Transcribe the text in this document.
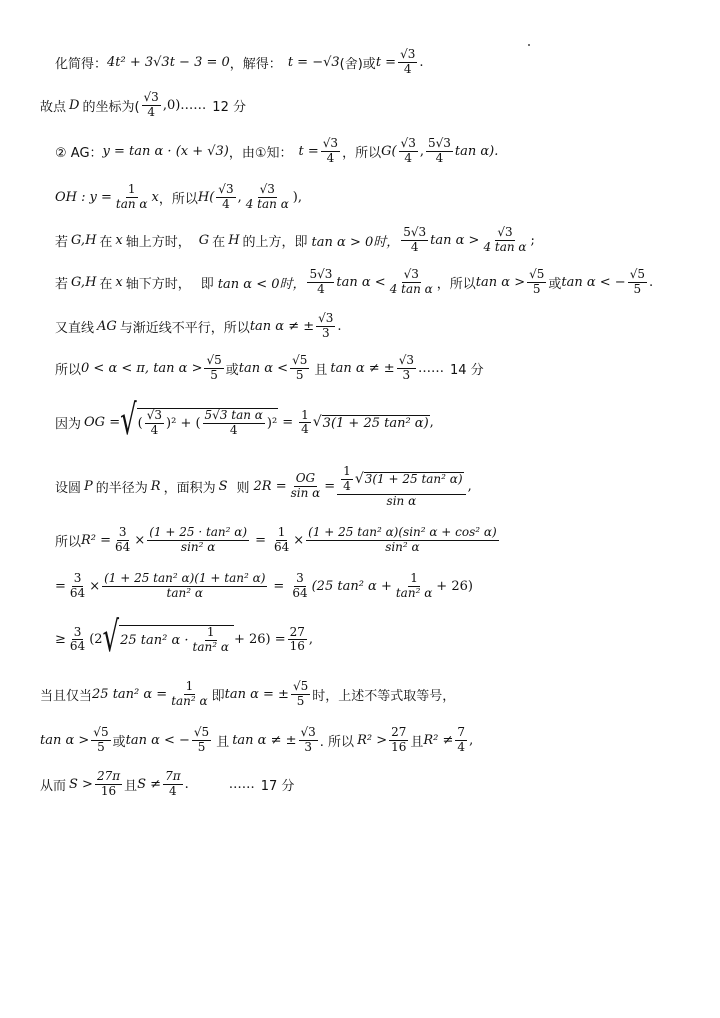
化简得： 4t² + 3√3t − 3 = 0 ，解得： t = −√3 (舍)或 $t = \frac{√3}{4}$ .
故点 D 的坐标为( $\frac{√3}{4}$ ,0)…… 12 分
② AG： y = tan α · (x + √3) ，由①知： $t = \frac{√3}{4}$ ，所以 $G( \frac{√3}{4}$ , $\frac{5√3}{4}$ tan α).
OH : $y = \frac{1}{\text{tan α}}$ x ，所以 $H( \frac{√3}{4}$ , $\frac{√3}{\text{4 tan α}}$ ),
若 G,H 在 x 轴上方时， G 在 H 的上方，即 tan α > 0时， $\frac{5√3}{4}$ $\tan \alpha > \frac{√3}{\text{4 tan α}}$ ;
若 G,H 在 x 轴下方时， 即 tan α < 0时， $\frac{5√3}{4}$ $\tan \alpha < \frac{√3}{\text{4 tan α}}$ ，所以 $\tan \alpha > \frac{√5}{5}$ 或 tan α < − $\frac{√5}{5}$ .
又直线 AG 与渐近线不平行，所以 tan α ≠ ± $\frac{√3}{3}$ .
所以 0 < α < π, $\tan \alpha > \frac{√5}{5}$ 或 $\tan \alpha < \frac{√5}{5}$ 且 tan α ≠ ± $\frac{√3}{3}$ …… 14 分
因为 OG = √ ( $\frac{√3}{4} )^2$ + ( $\frac{\text{5√3 tan α}}{4} )^2 = \frac{1}{4}$ √ 3(1 + 25 tan² α) ,
设圆 P 的半径为 R ，面积为 S 则 $2R = \frac{OG}{\text{sin α}} = \frac{\frac{1}{4} √ 3(1 + 25 \tan^2 \alpha)}{\text{sin α}}$ ,
所以 $R^2 = \frac{3}{64} \times \frac{\text{(1 + 25 · tan² α)}}{\text{sin² α}} = \frac{1}{64} \times \frac{\text{(1 + 25 tan² α)(sin² α + cos² α)}}{\text{sin² α}}$
= $\frac{3}{64} \times \frac{\text{(1 + 25 tan² α)(1 + tan² α)}}{\text{tan² α}} = \frac{3}{64} (25$ tan² $\alpha + \frac{1}{\text{tan² α}} + 26$)
≥ $\frac{3}{64} (2$ √ 25 tan² $\alpha \cdot \frac{1}{\text{tan² α}} + 26) = \frac{27}{16}$ ,
当且仅当 25 tan² $\alpha = \frac{1}{\text{tan² α}}$ 即 tan α = ± $\frac{√5}{5}$ 时，上述不等式取等号，
$\tan \alpha > \frac{√5}{5}$ 或 tan α < − $\frac{√5}{5}$ 且 tan α ≠ ± $\frac{√3}{3}$ . 所以 $R^2 > \frac{27}{16}$ 且 $R^2 \ne \frac{7}{4}$ ,
从而 $S > \frac{27\pi}{16}$ 且 $S \ne \frac{7\pi}{4}$ .	…… 17 分
